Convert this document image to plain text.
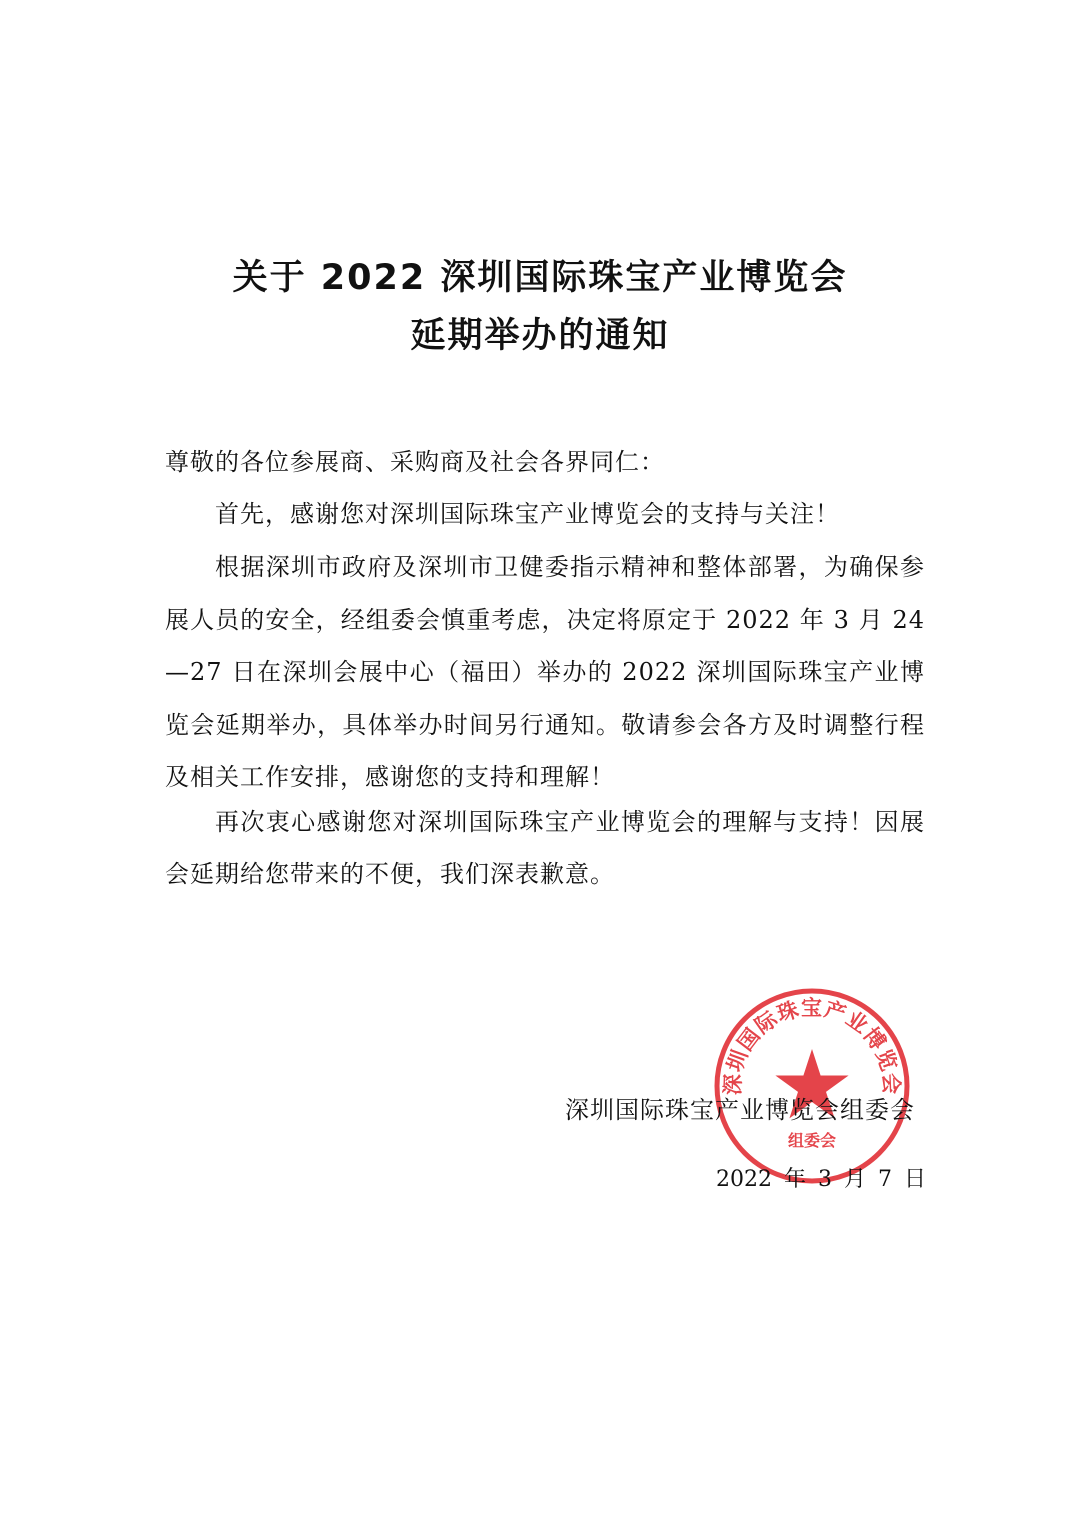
关于 2022 深圳国际珠宝产业博览会
延期举办的通知
尊敬的各位参展商、采购商及社会各界同仁：
首先，感谢您对深圳国际珠宝产业博览会的支持与关注！
根据深圳市政府及深圳市卫健委指示精神和整体部署，为确保参展人员的安全，经组委会慎重考虑，决定将原定于 2022 年 3 月 24—27 日在深圳会展中心（福田）举办的 2022 深圳国际珠宝产业博览会延期举办，具体举办时间另行通知。敬请参会各方及时调整行程及相关工作安排，感谢您的支持和理解！
再次衷心感谢您对深圳国际珠宝产业博览会的理解与支持！因展会延期给您带来的不便，我们深表歉意。
深圳国际珠宝产业博览会
组委会
深圳国际珠宝产业博览会组委会
2022 年 3 月 7 日
